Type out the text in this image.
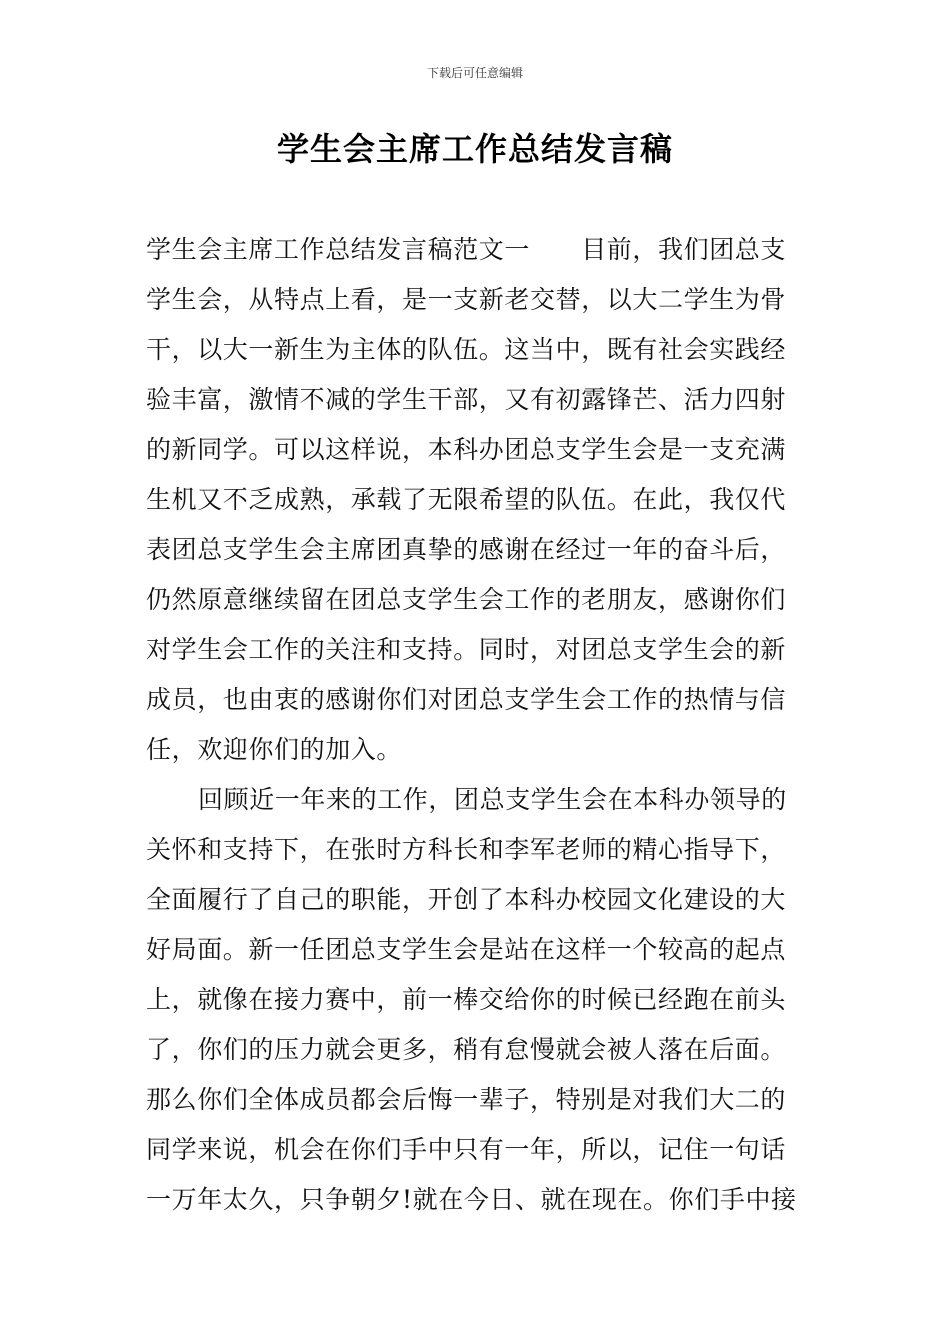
下载后可任意编辑
学生会主席工作总结发言稿
学生会主席工作总结发言稿范文一　　目前，我们团总支
学生会，从特点上看，是一支新老交替，以大二学生为骨
干，以大一新生为主体的队伍。这当中，既有社会实践经
验丰富，激情不减的学生干部，又有初露锋芒、活力四射
的新同学。可以这样说，本科办团总支学生会是一支充满
生机又不乏成熟，承载了无限希望的队伍。在此，我仅代
表团总支学生会主席团真挚的感谢在经过一年的奋斗后，
仍然原意继续留在团总支学生会工作的老朋友，感谢你们
对学生会工作的关注和支持。同时，对团总支学生会的新
成员，也由衷的感谢你们对团总支学生会工作的热情与信
任，欢迎你们的加入。
回顾近一年来的工作，团总支学生会在本科办领导的
关怀和支持下，在张时方科长和李军老师的精心指导下，
全面履行了自己的职能，开创了本科办校园文化建设的大
好局面。新一任团总支学生会是站在这样一个较高的起点
上，就像在接力赛中，前一棒交给你的时候已经跑在前头
了，你们的压力就会更多，稍有怠慢就会被人落在后面。
那么你们全体成员都会后悔一辈子，特别是对我们大二的
同学来说，机会在你们手中只有一年，所以，记住一句话
一万年太久，只争朝夕!就在今日、就在现在。你们手中接
